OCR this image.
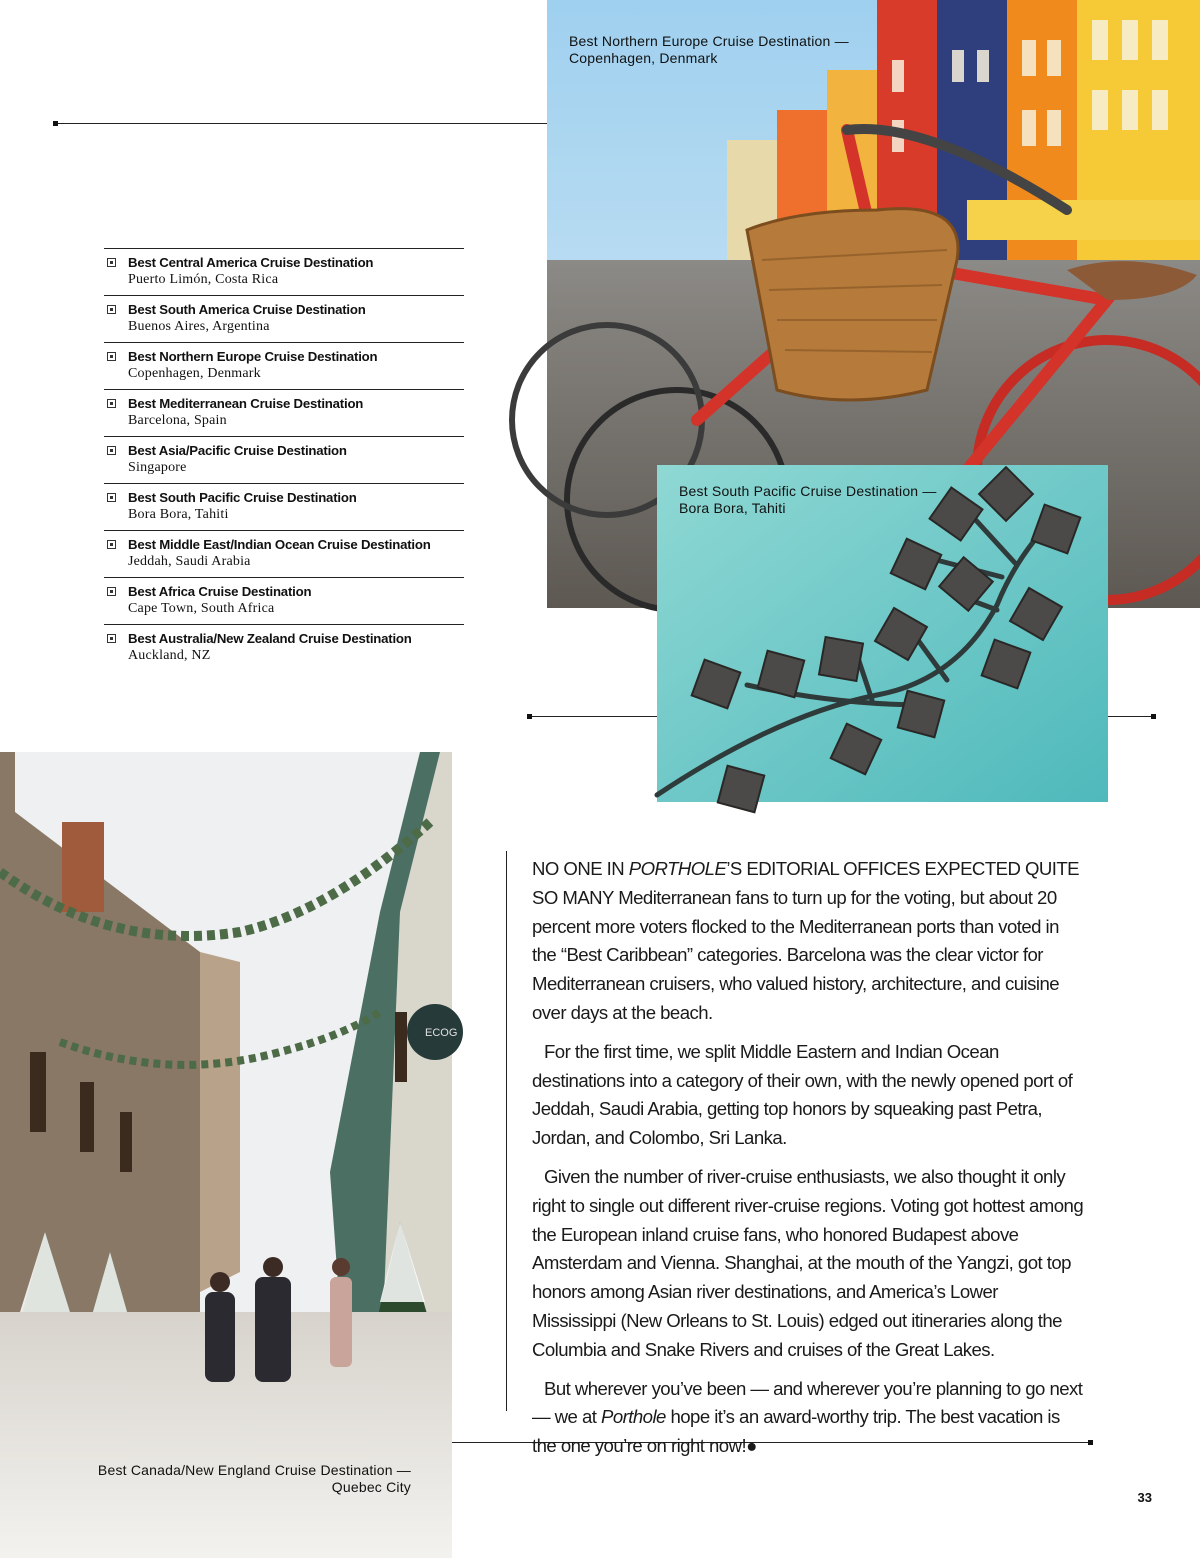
Best Central America Cruise Destination
Puerto Limón, Costa Rica
Best South America Cruise Destination
Buenos Aires, Argentina
Best Northern Europe Cruise Destination
Copenhagen, Denmark
Best Mediterranean Cruise Destination
Barcelona, Spain
Best Asia/Pacific Cruise Destination
Singapore
Best South Pacific Cruise Destination
Bora Bora, Tahiti
Best Middle East/Indian Ocean Cruise Destination
Jeddah, Saudi Arabia
Best Africa Cruise Destination
Cape Town, South Africa
Best Australia/New Zealand Cruise Destination
Auckland, NZ
Best Northern Europe Cruise Destination —
Copenhagen, Denmark
Best South Pacific Cruise Destination —
Bora Bora, Tahiti
ECOG
Best Canada/New England Cruise Destination —
Quebec City

NO ONE IN PORTHOLE’S EDITORIAL OFFICES EXPECTED QUITE SO MANY Mediterranean fans to turn up for the voting, but about 20 percent more voters flocked to the Mediterranean ports than voted in the “Best Caribbean” categories. Barcelona was the clear victor for Mediterranean cruisers, who valued history, architecture, and cuisine over days at the beach.

For the first time, we split Middle Eastern and Indian Ocean destinations into a category of their own, with the newly opened port of Jeddah, Saudi Arabia, getting top honors by squeaking past Petra, Jordan, and Colombo, Sri Lanka.

Given the number of river-cruise enthusiasts, we also thought it only right to single out different river-cruise regions. Voting got hottest among the European inland cruise fans, who honored Budapest above Amsterdam and Vienna. Shanghai, at the mouth of the Yangzi, got top honors among Asian river destinations, and America’s Lower Mississippi (New Orleans to St. Louis) edged out itineraries along the Columbia and Snake Rivers and cruises of the Great Lakes.

But wherever you’ve been — and wherever you’re planning to go next — we at Porthole hope it’s an award-worthy trip. The best vacation is the one you’re on right now!●

33
